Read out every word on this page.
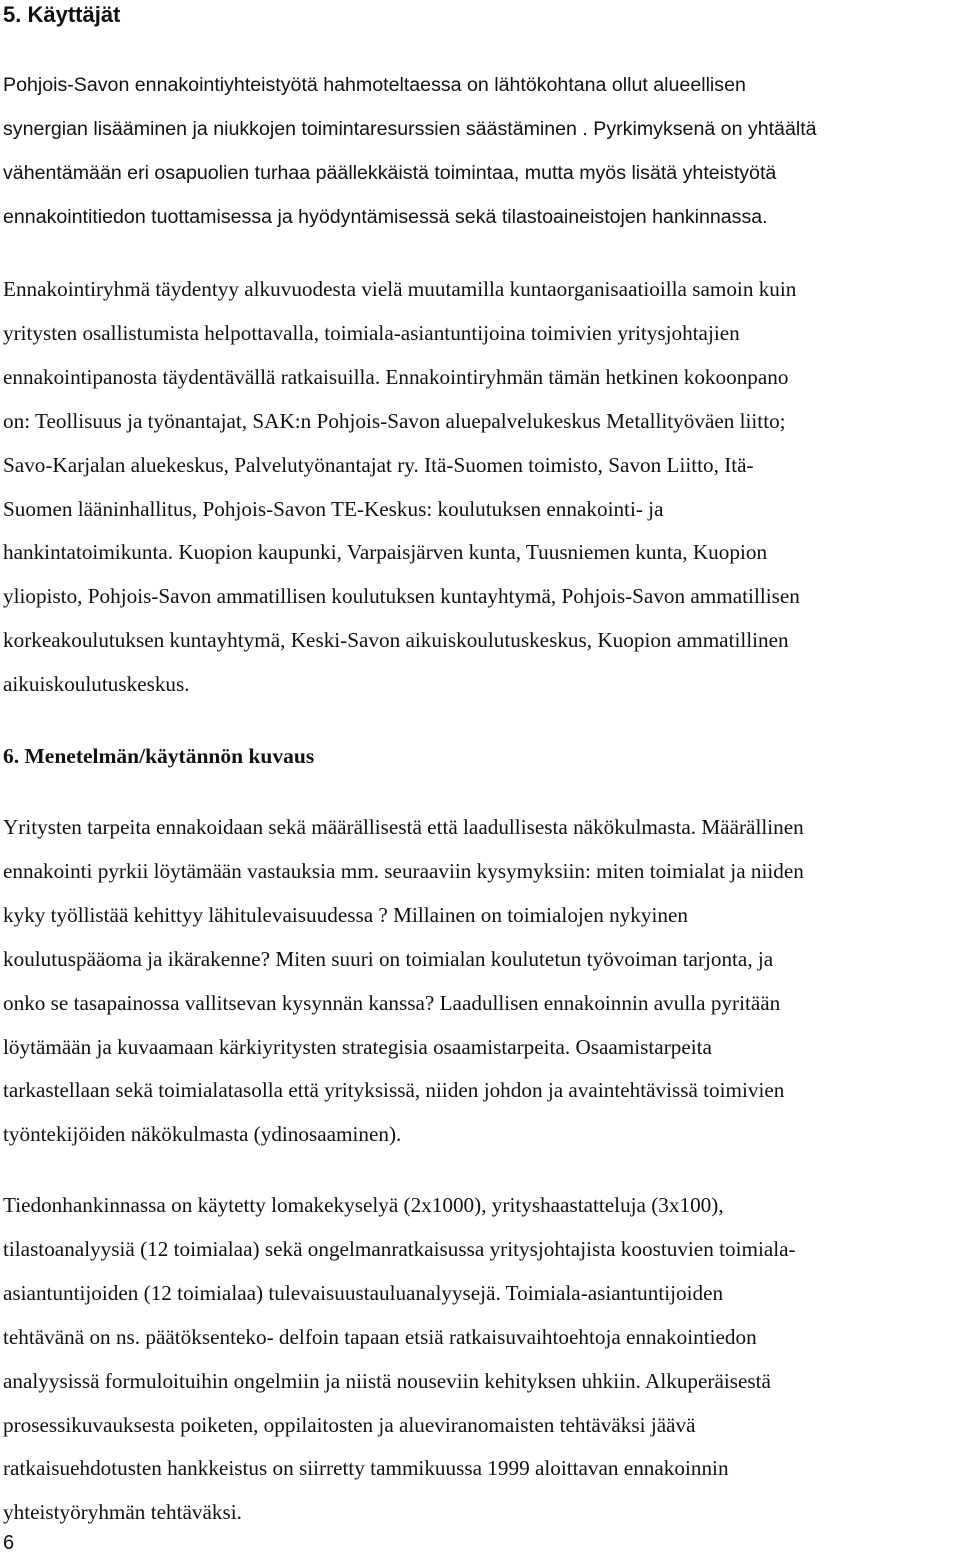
5. Käyttäjät

Pohjois-Savon ennakointiyhteistyötä hahmoteltaessa on lähtökohtana ollut alueellisen
synergian lisääminen ja niukkojen toimintaresurssien säästäminen . Pyrkimyksenä on yhtäältä
vähentämään eri osapuolien turhaa päällekkäistä toimintaa, mutta myös lisätä yhteistyötä
ennakointitiedon tuottamisessa ja hyödyntämisessä sekä tilastoaineistojen hankinnassa.

Ennakointiryhmä täydentyy alkuvuodesta vielä muutamilla kuntaorganisaatioilla samoin kuin
yritysten osallistumista helpottavalla, toimiala-asiantuntijoina toimivien yritysjohtajien
ennakointipanosta täydentävällä ratkaisuilla. Ennakointiryhmän tämän hetkinen kokoonpano
on: Teollisuus ja työnantajat, SAK:n Pohjois-Savon aluepalvelukeskus Metallityöväen liitto;
Savo-Karjalan aluekeskus, Palvelutyönantajat ry. Itä-Suomen toimisto, Savon Liitto, Itä-
Suomen lääninhallitus, Pohjois-Savon TE-Keskus: koulutuksen ennakointi- ja
hankintatoimikunta. Kuopion kaupunki, Varpaisjärven kunta, Tuusniemen kunta, Kuopion
yliopisto, Pohjois-Savon ammatillisen koulutuksen kuntayhtymä, Pohjois-Savon ammatillisen
korkeakoulutuksen kuntayhtymä, Keski-Savon aikuiskoulutuskeskus, Kuopion ammatillinen
aikuiskoulutuskeskus.

6. Menetelmän/käytännön kuvaus

Yritysten tarpeita ennakoidaan sekä määrällisestä että laadullisesta näkökulmasta. Määrällinen
ennakointi pyrkii löytämään vastauksia mm. seuraaviin kysymyksiin: miten toimialat ja niiden
kyky työllistää kehittyy lähitulevaisuudessa ? Millainen on toimialojen nykyinen
koulutuspääoma ja ikärakenne? Miten suuri on toimialan koulutetun työvoiman tarjonta, ja
onko se tasapainossa vallitsevan kysynnän kanssa? Laadullisen ennakoinnin avulla pyritään
löytämään ja kuvaamaan kärkiyritysten strategisia osaamistarpeita. Osaamistarpeita
tarkastellaan sekä toimialatasolla että yrityksissä, niiden johdon ja avaintehtävissä toimivien
työntekijöiden näkökulmasta (ydinosaaminen).

Tiedonhankinnassa on käytetty lomakekyselyä (2x1000), yrityshaastatteluja (3x100),
tilastoanalyysiä (12 toimialaa) sekä ongelmanratkaisussa yritysjohtajista koostuvien toimiala-
asiantuntijoiden (12 toimialaa) tulevaisuustauluanalyysejä. Toimiala-asiantuntijoiden
tehtävänä on ns. päätöksenteko- delfoin tapaan etsiä ratkaisuvaihtoehtoja ennakointiedon
analyysissä formuloituihin ongelmiin ja niistä nouseviin kehityksen uhkiin. Alkuperäisestä
prosessikuvauksesta poiketen, oppilaitosten ja alueviranomaisten tehtäväksi jäävä
ratkaisuehdotusten hankkeistus on siirretty tammikuussa 1999 aloittavan ennakoinnin
yhteistyöryhmän tehtäväksi.

6
